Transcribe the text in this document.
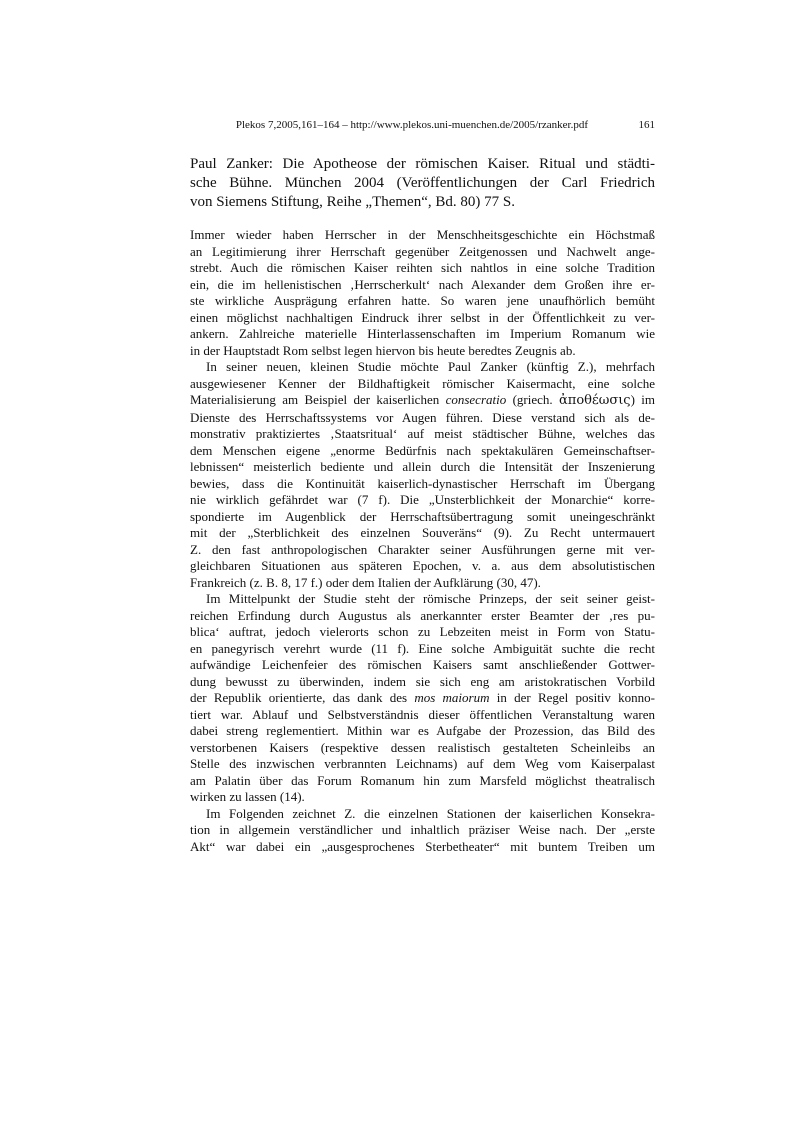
Plekos 7,2005,161–164 – http://www.plekos.uni-muenchen.de/2005/rzanker.pdf	161
Paul Zanker: Die Apotheose der römischen Kaiser. Ritual und städti-
sche Bühne. München 2004 (Veröffentlichungen der Carl Friedrich
von Siemens Stiftung, Reihe „Themen“, Bd. 80) 77 S.
Immer wieder haben Herrscher in der Menschheitsgeschichte ein Höchstmaß
an Legitimierung ihrer Herrschaft gegenüber Zeitgenossen und Nachwelt ange-
strebt. Auch die römischen Kaiser reihten sich nahtlos in eine solche Tradition
ein, die im hellenistischen ‚Herrscherkult‘ nach Alexander dem Großen ihre er-
ste wirkliche Ausprägung erfahren hatte. So waren jene unaufhörlich bemüht
einen möglichst nachhaltigen Eindruck ihrer selbst in der Öffentlichkeit zu ver-
ankern. Zahlreiche materielle Hinterlassenschaften im Imperium Romanum wie
in der Hauptstadt Rom selbst legen hiervon bis heute beredtes Zeugnis ab.
In seiner neuen, kleinen Studie möchte Paul Zanker (künftig Z.), mehrfach
ausgewiesener Kenner der Bildhaftigkeit römischer Kaisermacht, eine solche
Materialisierung am Beispiel der kaiserlichen consecratio (griech. ἀποθέωσις) im
Dienste des Herrschaftssystems vor Augen führen. Diese verstand sich als de-
monstrativ praktiziertes ‚Staatsritual‘ auf meist städtischer Bühne, welches das
dem Menschen eigene „enorme Bedürfnis nach spektakulären Gemeinschaftser-
lebnissen“ meisterlich bediente und allein durch die Intensität der Inszenierung
bewies, dass die Kontinuität kaiserlich-dynastischer Herrschaft im Übergang
nie wirklich gefährdet war (7 f). Die „Unsterblichkeit der Monarchie“ korre-
spondierte im Augenblick der Herrschaftsübertragung somit uneingeschränkt
mit der „Sterblichkeit des einzelnen Souveräns“ (9). Zu Recht untermauert
Z. den fast anthropologischen Charakter seiner Ausführungen gerne mit ver-
gleichbaren Situationen aus späteren Epochen, v. a. aus dem absolutistischen
Frankreich (z. B. 8, 17 f.) oder dem Italien der Aufklärung (30, 47).
Im Mittelpunkt der Studie steht der römische Prinzeps, der seit seiner geist-
reichen Erfindung durch Augustus als anerkannter erster Beamter der ‚res pu-
blica‘ auftrat, jedoch vielerorts schon zu Lebzeiten meist in Form von Statu-
en panegyrisch verehrt wurde (11 f). Eine solche Ambiguität suchte die recht
aufwändige Leichenfeier des römischen Kaisers samt anschließender Gottwer-
dung bewusst zu überwinden, indem sie sich eng am aristokratischen Vorbild
der Republik orientierte, das dank des mos maiorum in der Regel positiv konno-
tiert war. Ablauf und Selbstverständnis dieser öffentlichen Veranstaltung waren
dabei streng reglementiert. Mithin war es Aufgabe der Prozession, das Bild des
verstorbenen Kaisers (respektive dessen realistisch gestalteten Scheinleibs an
Stelle des inzwischen verbrannten Leichnams) auf dem Weg vom Kaiserpalast
am Palatin über das Forum Romanum hin zum Marsfeld möglichst theatralisch
wirken zu lassen (14).
Im Folgenden zeichnet Z. die einzelnen Stationen der kaiserlichen Konsekra-
tion in allgemein verständlicher und inhaltlich präziser Weise nach. Der „erste
Akt“ war dabei ein „ausgesprochenes Sterbetheater“ mit buntem Treiben um
